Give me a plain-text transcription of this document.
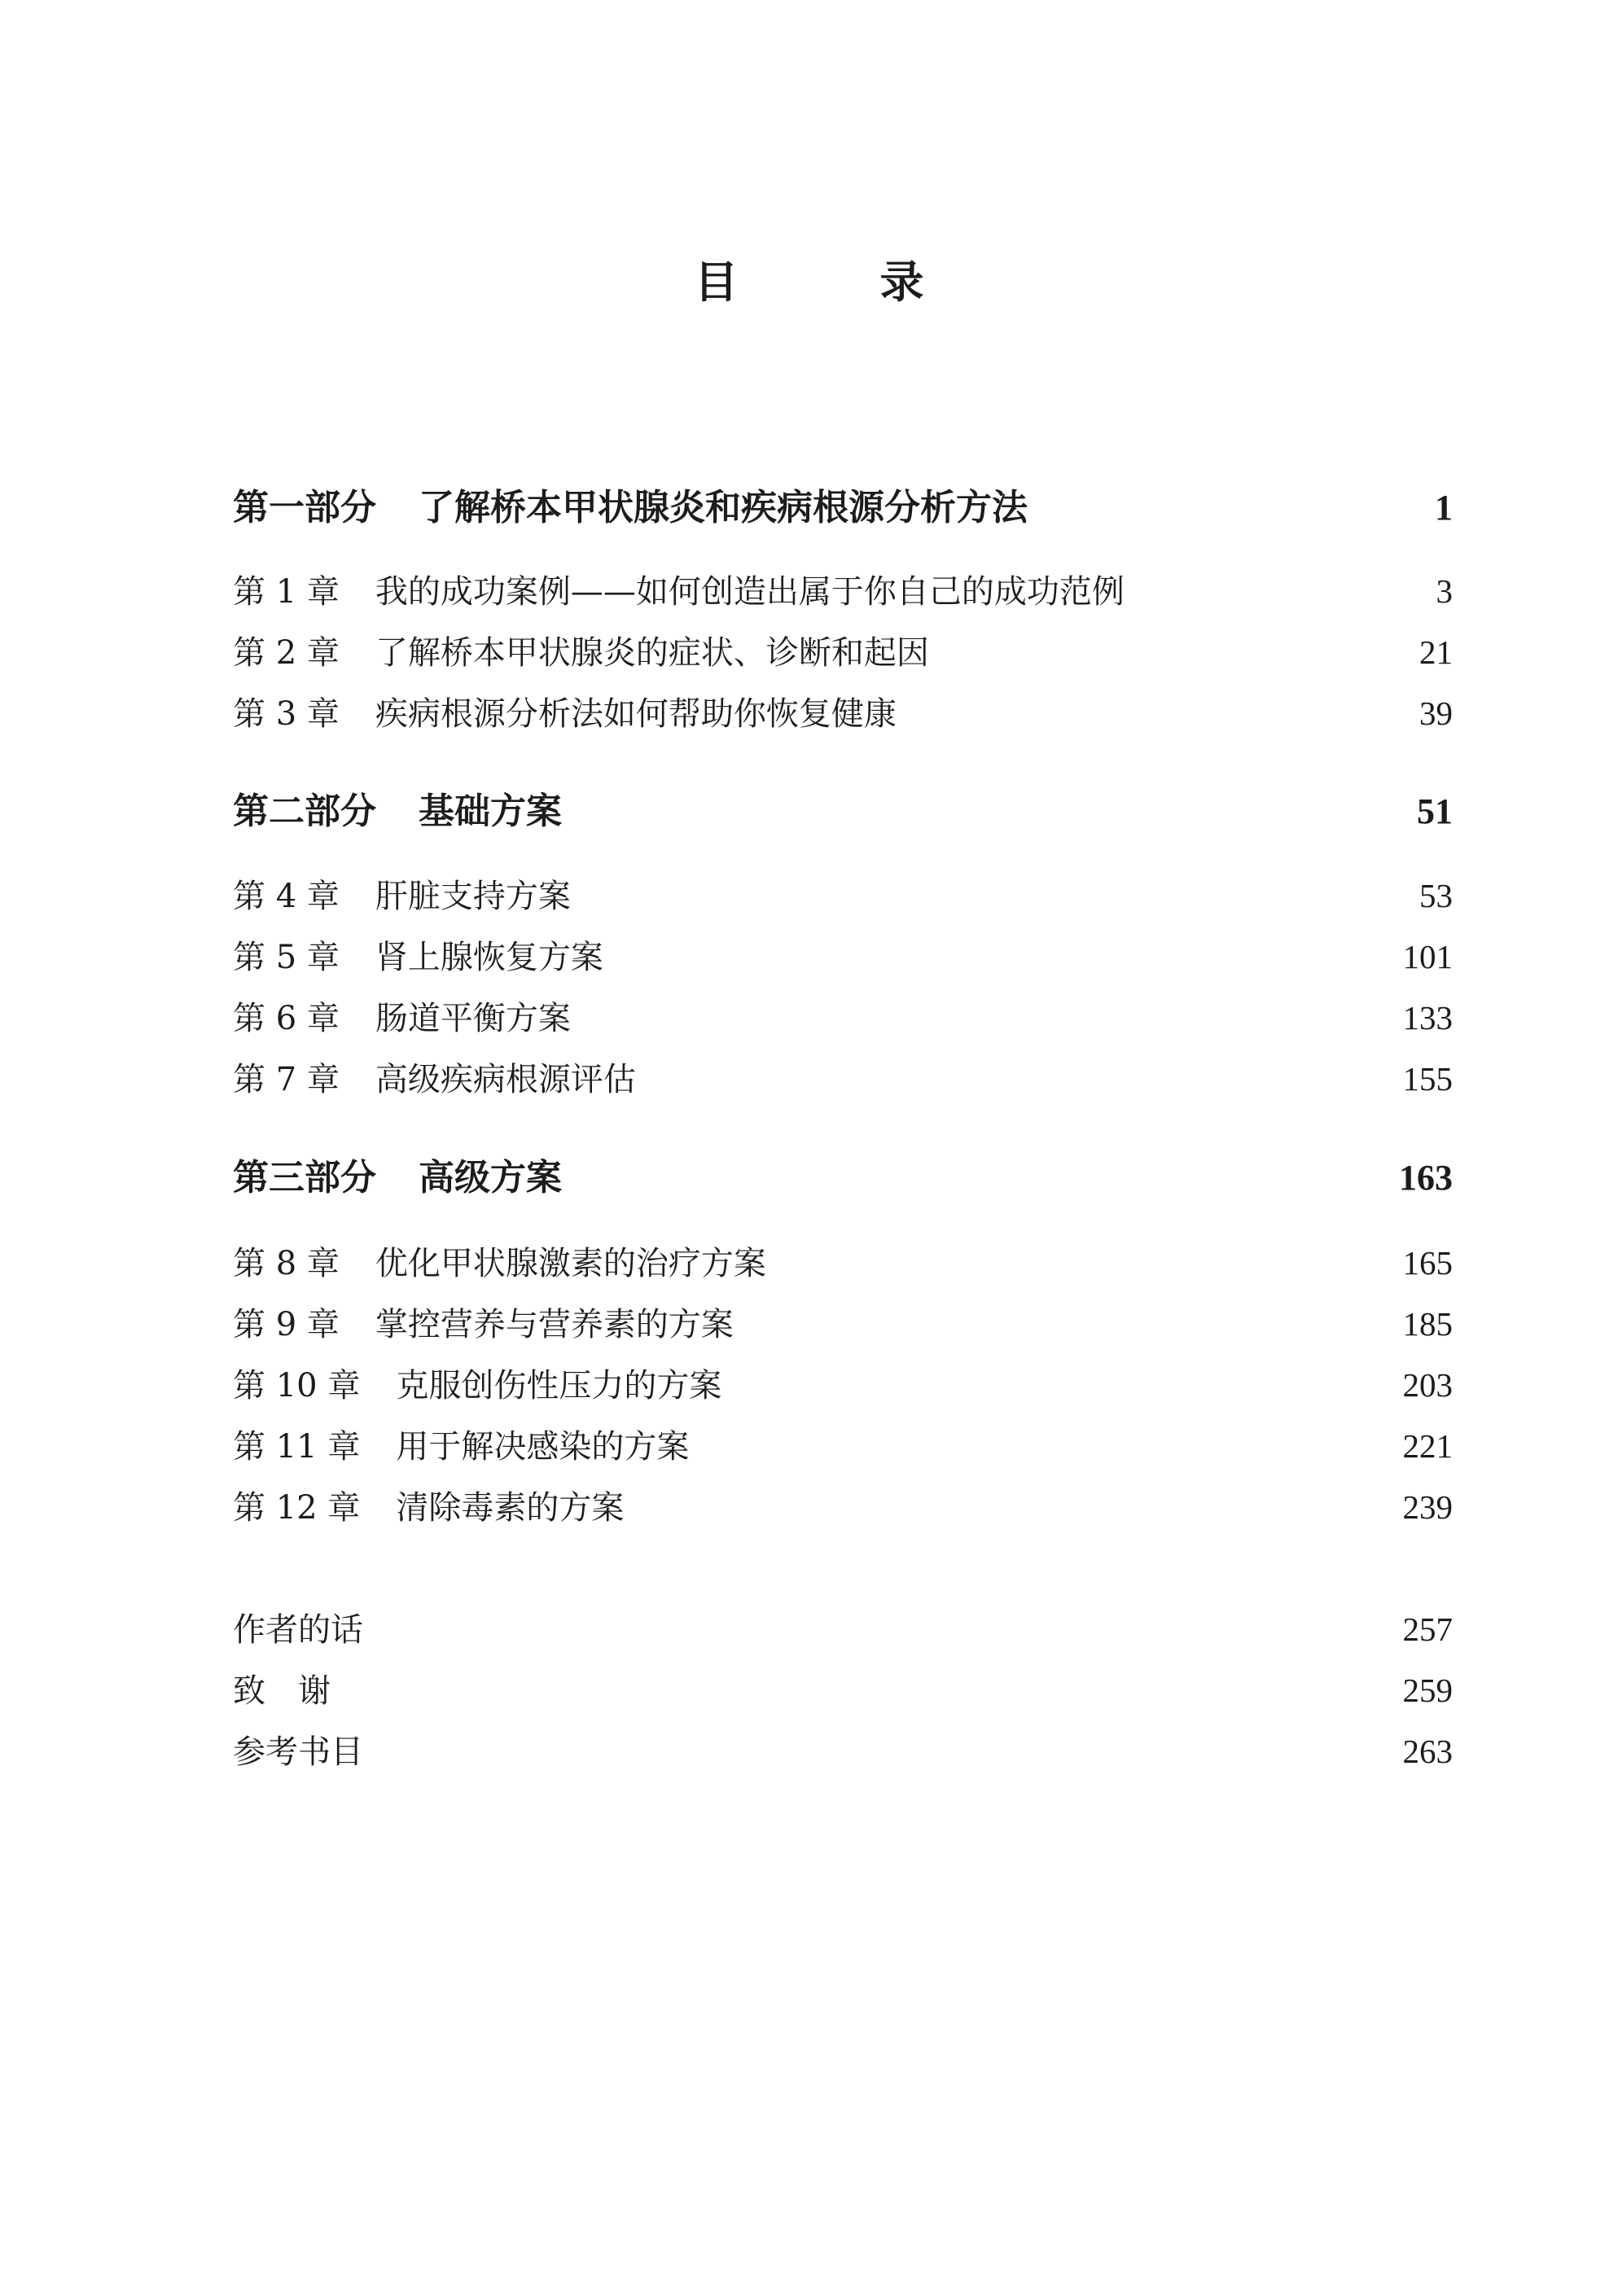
目　录
第一部分 了解桥本甲状腺炎和疾病根源分析方法	1
第 1 章 我的成功案例——如何创造出属于你自己的成功范例	3
第 2 章 了解桥本甲状腺炎的症状、诊断和起因	21
第 3 章 疾病根源分析法如何帮助你恢复健康	39
第二部分 基础方案	51
第 4 章 肝脏支持方案	53
第 5 章 肾上腺恢复方案	101
第 6 章 肠道平衡方案	133
第 7 章 高级疾病根源评估	155
第三部分 高级方案	163
第 8 章 优化甲状腺激素的治疗方案	165
第 9 章 掌控营养与营养素的方案	185
第 10 章 克服创伤性压力的方案	203
第 11 章 用于解决感染的方案	221
第 12 章 清除毒素的方案	239
作者的话	257
致　谢	259
参考书目	263
